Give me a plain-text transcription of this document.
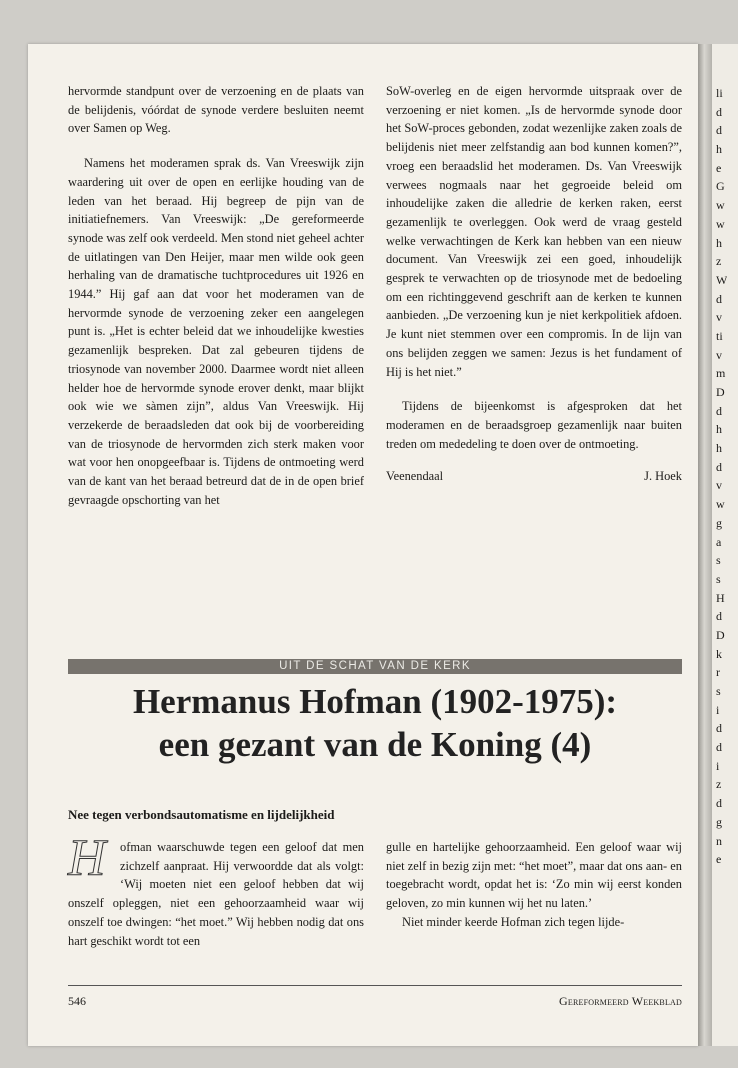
li
d
d
h
e
G
w
w
h
z
W
d
v
ti
v
m
D
d
h
h
d
v
w
g
a
s
s
H
d
D
k
r
s
i
d
d
i
z
d
g
n
e

hervormde standpunt over de verzoening en de plaats van de belijdenis, vóórdat de synode verdere besluiten neemt over Samen op Weg.

Namens het moderamen sprak ds. Van Vreeswijk zijn waardering uit over de open en eerlijke houding van de leden van het beraad. Hij begreep de pijn van de initiatiefnemers. Van Vreeswijk: „De gereformeerde synode was zelf ook verdeeld. Men stond niet geheel achter de uitlatingen van Den Heijer, maar men wilde ook geen herhaling van de dramatische tuchtprocedures uit 1926 en 1944.” Hij gaf aan dat voor het moderamen van de hervormde synode de verzoening zeker een aangelegen punt is. „Het is echter beleid dat we inhoudelijke kwesties gezamenlijk bespreken. Dat zal gebeuren tijdens de triosynode van november 2000. Daarmee wordt niet alleen helder hoe de hervormde synode erover denkt, maar blijkt ook wie we sàmen zijn”, aldus Van Vreeswijk. Hij verzekerde de beraadsleden dat ook bij de voorbereiding van de triosynode de hervormden zich sterk maken voor wat voor hen onopgeefbaar is. Tijdens de ontmoeting werd van de kant van het beraad betreurd dat de in de open brief gevraagde opschorting van het

SoW-overleg en de eigen hervormde uitspraak over de verzoening er niet komen. „Is de hervormde synode door het SoW-proces gebonden, zodat wezenlijke zaken zoals de belijdenis niet meer zelfstandig aan bod kunnen komen?”, vroeg een beraadslid het moderamen. Ds. Van Vreeswijk verwees nogmaals naar het gegroeide beleid om inhoudelijke zaken die alledrie de kerken raken, eerst gezamenlijk te overleggen. Ook werd de vraag gesteld welke verwachtingen de Kerk kan hebben van een nieuw document. Van Vreeswijk zei een goed, inhoudelijk gesprek te verwachten op de triosynode met de bedoeling om een richtinggevend geschrift aan de kerken te kunnen aanbieden. „De verzoening kun je niet kerkpolitiek afdoen. Je kunt niet stemmen over een compromis. In de lijn van ons belijden zeggen we samen: Jezus is het fundament of Hij is het niet.”

Tijdens de bijeenkomst is afgesproken dat het moderamen en de beraadsgroep gezamenlijk naar buiten treden om mededeling te doen over de ontmoeting.

Veenendaal	J. Hoek
UIT DE SCHAT VAN DE KERK
Hermanus Hofman (1902-1975):
een gezant van de Koning (4)
Nee tegen verbondsautomatisme en lijdelijkheid

H	ofman waarschuwde tegen een geloof dat men zichzelf aanpraat. Hij verwoordde dat als volgt: ‘Wij moeten niet een geloof hebben dat wij onszelf opleggen, niet een gehoorzaamheid waar wij onszelf toe dwingen: “het moet.” Wij hebben nodig dat ons hart geschikt wordt tot een

gulle en hartelijke gehoorzaamheid. Een geloof waar wij niet zelf in bezig zijn met: “het moet”, maar dat ons aan- en toegebracht wordt, opdat het is: ‘Zo min wij eerst konden geloven, zo min kunnen wij het nu laten.’

Niet minder keerde Hofman zich tegen lijde-

546	Gereformeerd Weekblad
